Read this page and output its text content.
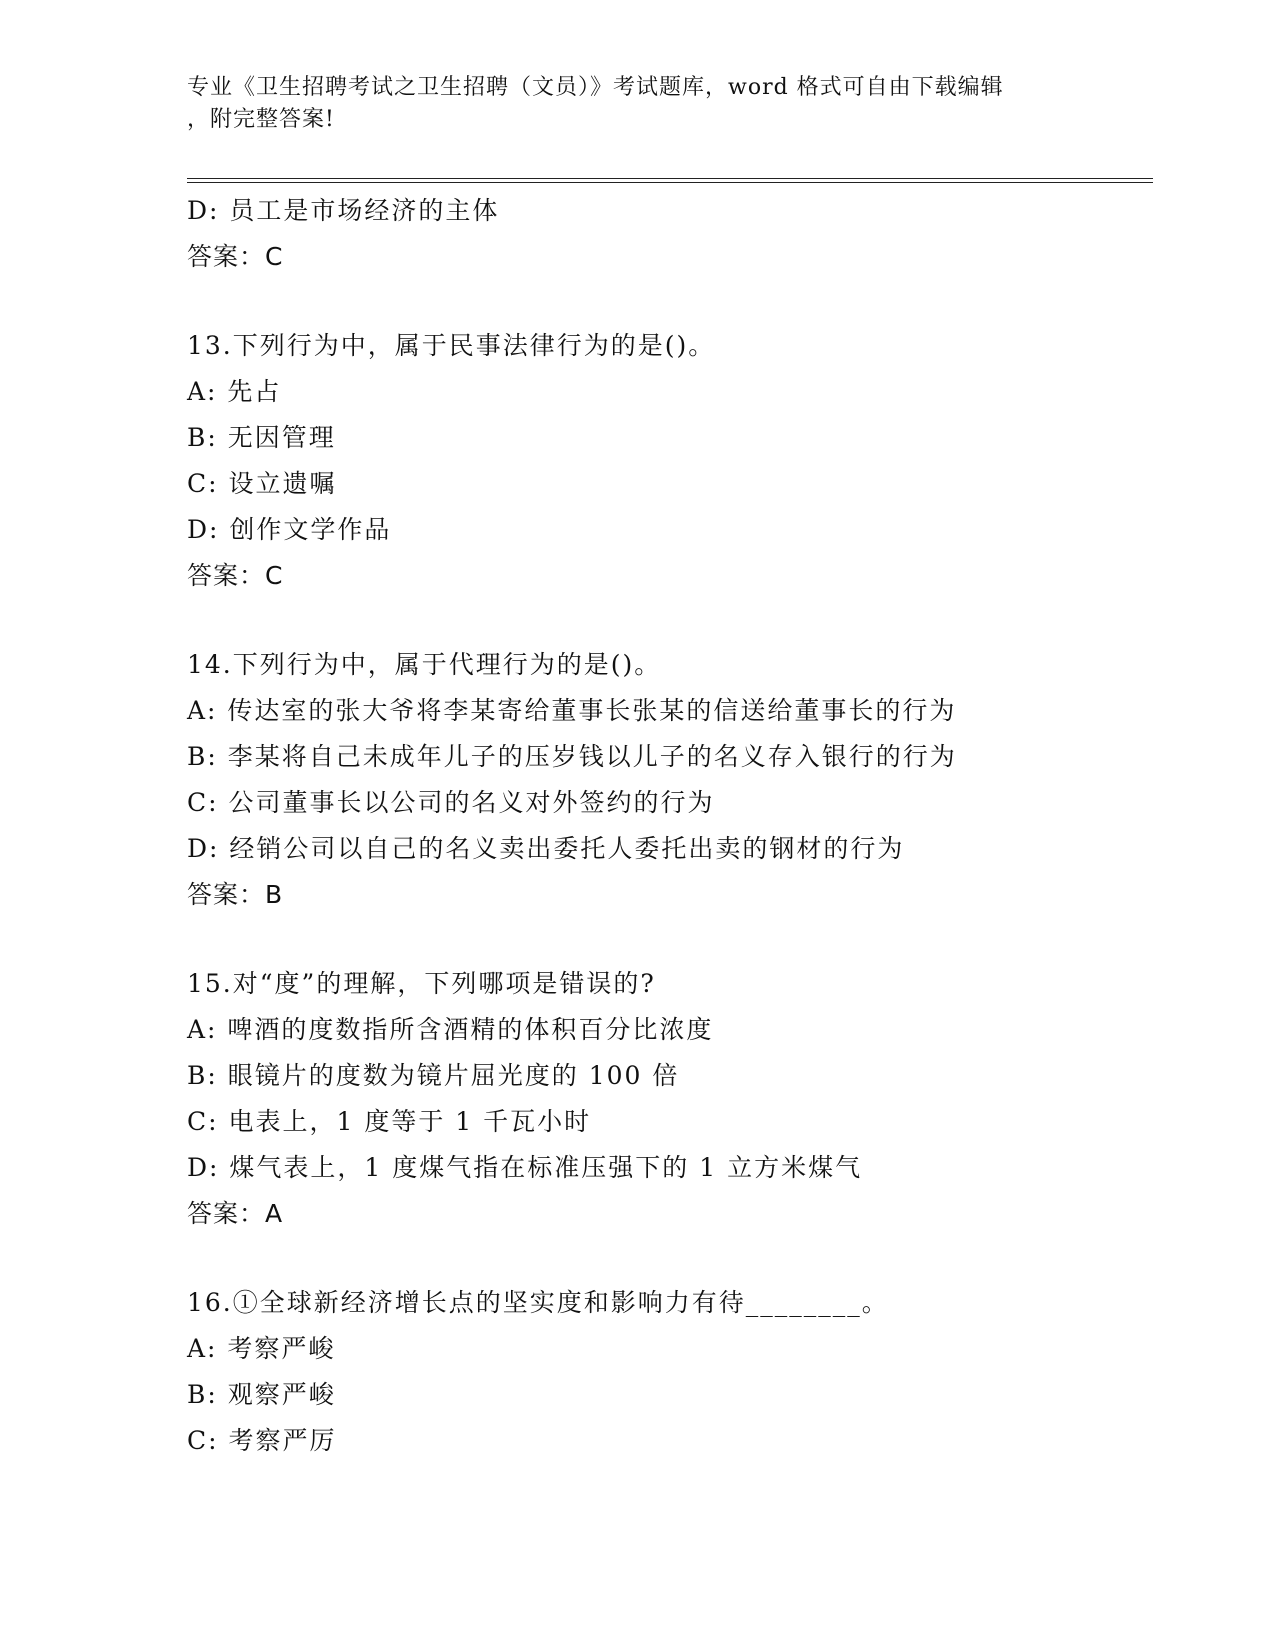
专业《卫生招聘考试之卫生招聘（文员）》考试题库，word 格式可自由下载编辑
，附完整答案!
D: 员工是市场经济的主体
答案：C
13.下列行为中，属于民事法律行为的是()。
A: 先占
B: 无因管理
C: 设立遗嘱
D: 创作文学作品
答案：C
14.下列行为中，属于代理行为的是()。
A: 传达室的张大爷将李某寄给董事长张某的信送给董事长的行为
B: 李某将自己未成年儿子的压岁钱以儿子的名义存入银行的行为
C: 公司董事长以公司的名义对外签约的行为
D: 经销公司以自己的名义卖出委托人委托出卖的钢材的行为
答案：B
15.对“度”的理解，下列哪项是错误的?
A: 啤酒的度数指所含酒精的体积百分比浓度
B: 眼镜片的度数为镜片屈光度的 100 倍
C: 电表上，1 度等于 1 千瓦小时
D: 煤气表上，1 度煤气指在标准压强下的 1 立方米煤气
答案：A
16.①全球新经济增长点的坚实度和影响力有待________。
A: 考察严峻
B: 观察严峻
C: 考察严厉
